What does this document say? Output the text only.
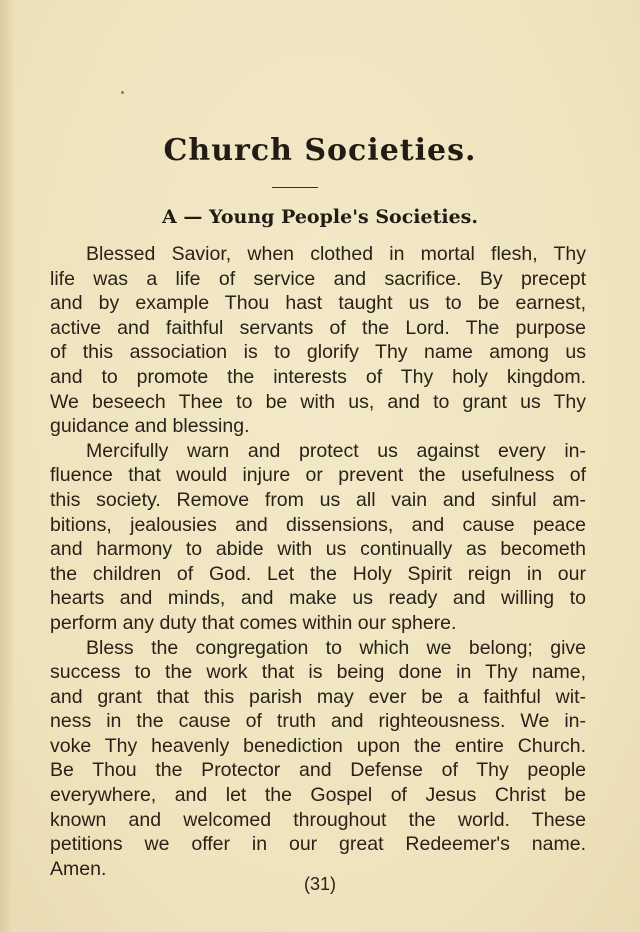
Church Societies.
A — Young People's Societies.

Blessed Savior, when clothed in mortal flesh, Thy
life was a life of service and sacrifice. By precept
and by example Thou hast taught us to be earnest,
active and faithful servants of the Lord. The purpose
of this association is to glorify Thy name among us
and to promote the interests of Thy holy kingdom.
We beseech Thee to be with us, and to grant us Thy
guidance and blessing.

Mercifully warn and protect us against every in-
fluence that would injure or prevent the usefulness of
this society. Remove from us all vain and sinful am-
bitions, jealousies and dissensions, and cause peace
and harmony to abide with us continually as becometh
the children of God. Let the Holy Spirit reign in our
hearts and minds, and make us ready and willing to
perform any duty that comes within our sphere.

Bless the congregation to which we belong; give
success to the work that is being done in Thy name,
and grant that this parish may ever be a faithful wit-
ness in the cause of truth and righteousness. We in-
voke Thy heavenly benediction upon the entire Church.
Be Thou the Protector and Defense of Thy people
everywhere, and let the Gospel of Jesus Christ be
known and welcomed throughout the world. These
petitions we offer in our great Redeemer's name.
Amen.

(31)
